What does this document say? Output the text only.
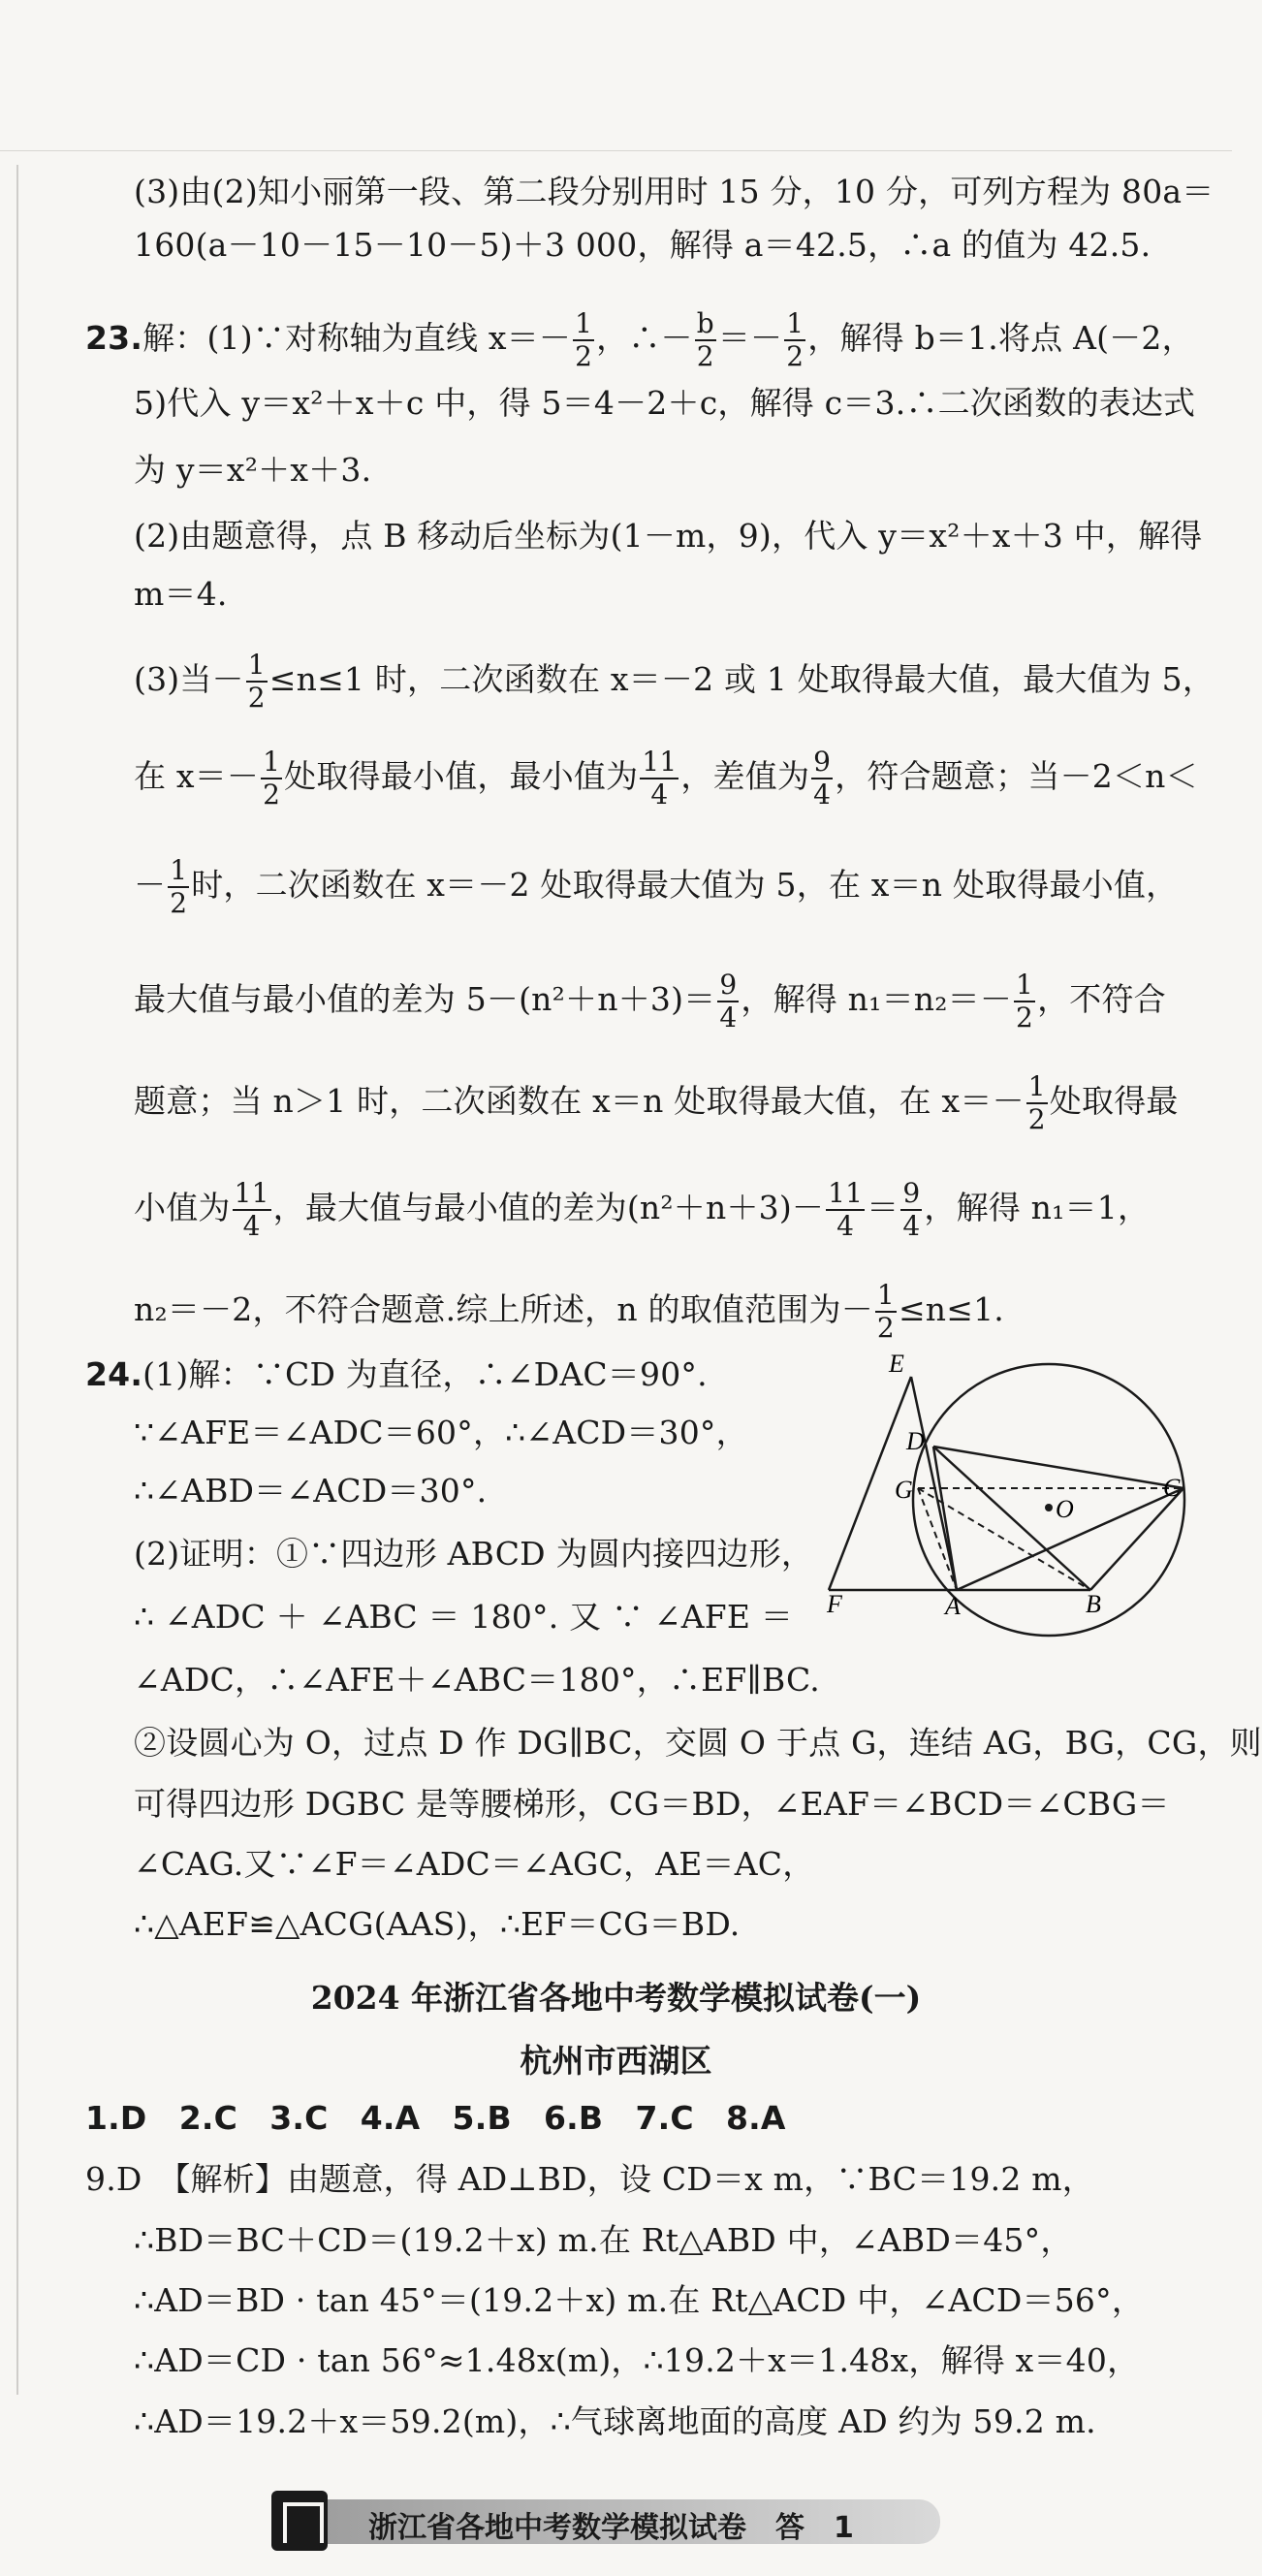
(3)由(2)知小丽第一段、第二段分别用时 15 分，10 分，可列方程为 80a＝
160(a－10－15－10－5)＋3 000，解得 a＝42.5，∴a 的值为 42.5.
23.解：(1)∵对称轴为直线 $x=- \frac{1}{2}$ ，∴－ $\frac{b}{2} =- \frac{1}{2}$ ，解得 b＝1.将点 A(－2，
5)代入 y＝x²＋x＋c 中，得 5＝4－2＋c，解得 c＝3.∴二次函数的表达式
为 y＝x²＋x＋3.
(2)由题意得，点 B 移动后坐标为(1－m，9)，代入 y＝x²＋x＋3 中，解得
m＝4.
(3)当－ $\frac{1}{2} \le n\le 1$ 时，二次函数在 x＝－2 或 1 处取得最大值，最大值为 5，
在 $x=- \frac{1}{2}$ 处取得最小值，最小值为 $\frac{11}{4}$ ，差值为 $\frac{9}{4}$ ，符合题意；当－2＜n＜
－ $\frac{1}{2}$ 时，二次函数在 x＝－2 处取得最大值为 5，在 x＝n 处取得最小值，
最大值与最小值的差为 $5-(n^2+n+3)= \frac{9}{4}$ ，解得 $n_1=n_2=- \frac{1}{2}$ ，不符合
题意；当 n＞1 时，二次函数在 x＝n 处取得最大值，在 $x=- \frac{1}{2}$ 处取得最
小值为 $\frac{11}{4}$ ，最大值与最小值的差为$(n^2+n+3)- \frac{11}{4} = \frac{9}{4}$ ，解得 n₁＝1，
n₂＝－2，不符合题意.综上所述，n 的取值范围为－ $\frac{1}{2} \le n\le 1$.
24.(1)解：∵CD 为直径，∴∠DAC＝90°.
∵∠AFE＝∠ADC＝60°，∴∠ACD＝30°，
∴∠ABD＝∠ACD＝30°.
(2)证明：①∵四边形 ABCD 为圆内接四边形，
∴ ∠ADC ＋ ∠ABC ＝ 180°. 又 ∵ ∠AFE ＝
∠ADC，∴∠AFE＋∠ABC＝180°，∴EF∥BC.
②设圆心为 O，过点 D 作 DG∥BC，交圆 O 于点 G，连结 AG，BG，CG，则
可得四边形 DGBC 是等腰梯形，CG＝BD，∠EAF＝∠BCD＝∠CBG＝
∠CAG.又∵∠F＝∠ADC＝∠AGC，AE＝AC，
∴△AEF≌△ACG(AAS)，∴EF＝CG＝BD.
E
D
G
O
C
F	A	B
2024 年浙江省各地中考数学模拟试卷(一)
杭州市西湖区
1.D　2.C　3.C　4.A　5.B　6.B　7.C　8.A
9.D　【解析】由题意，得 AD⊥BD，设 CD＝x m，∵BC＝19.2 m，
∴BD＝BC＋CD＝(19.2＋x) m.在 Rt△ABD 中，∠ABD＝45°，
∴AD＝BD · tan 45°＝(19.2＋x) m.在 Rt△ACD 中，∠ACD＝56°，
∴AD＝CD · tan 56°≈1.48x(m)，∴19.2＋x＝1.48x，解得 x＝40，
∴AD＝19.2＋x＝59.2(m)，∴气球离地面的高度 AD 约为 59.2 m.
浙江省各地中考数学模拟试卷　答　1
